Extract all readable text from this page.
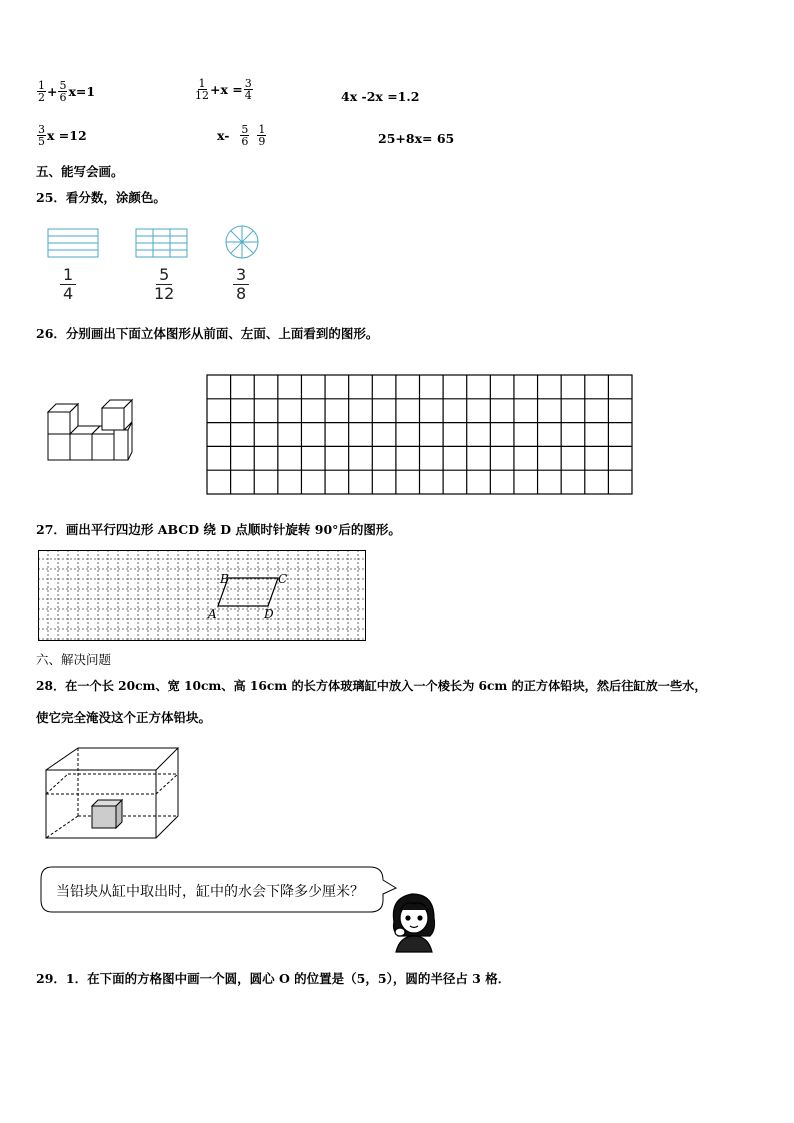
$\frac{1}{2} + \frac{5}{6} x=1$	$\frac{1}{12} +x = \frac{3}{4}$	4x -2x =1.2
$\frac{3}{5}$ x =12	$x- \frac{5}{6} \frac{1}{9}$	25+8x= 65
五、能写会画。
25．看分数，涂颜色。
1
4
5
12
3
8
26．分别画出下面立体图形从前面、左面、上面看到的图形。
27．画出平行四边形 ABCD 绕 D 点顺时针旋转 90°后的图形。
B	C
A	D
六、解决问题
28．在一个长 20cm、宽 10cm、高 16cm 的长方体玻璃缸中放入一个棱长为 6cm 的正方体铅块，然后往缸放一些水，
使它完全淹没这个正方体铅块。
当铅块从缸中取出时，缸中的水会下降多少厘米？
29．1．在下面的方格图中画一个圆，圆心 O 的位置是（5，5），圆的半径占 3 格．
